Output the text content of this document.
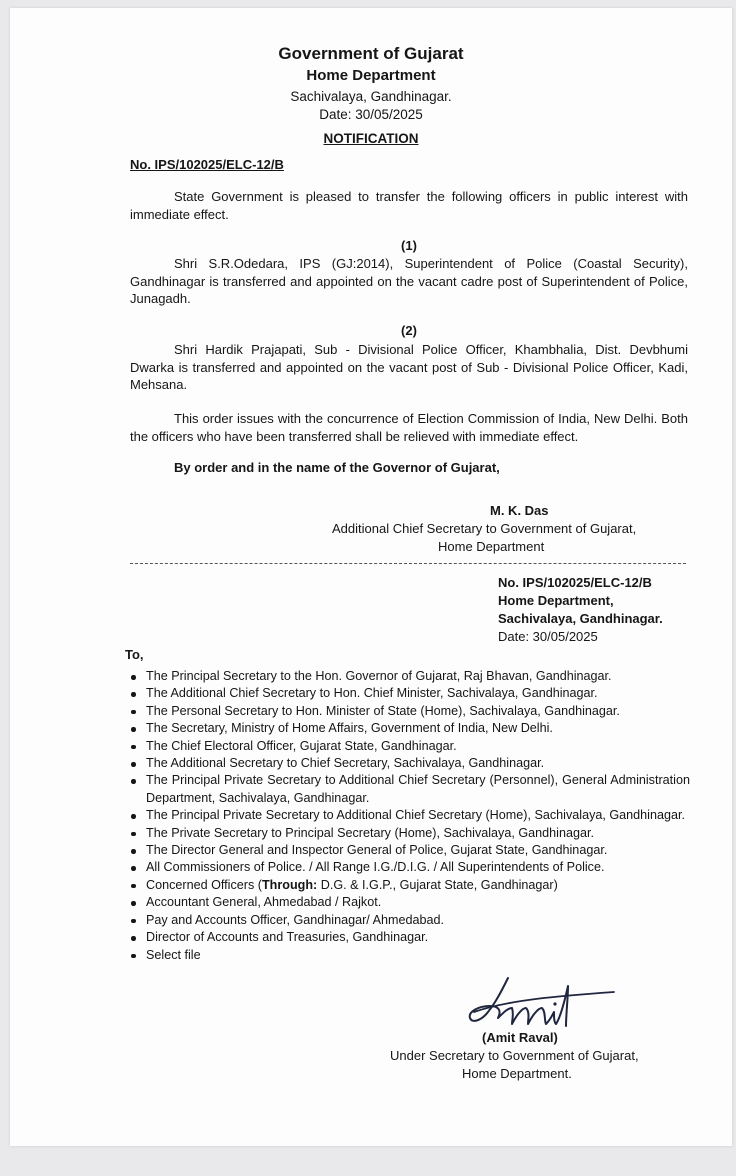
Government of Gujarat
Home Department
Sachivalaya, Gandhinagar.
Date: 30/05/2025
NOTIFICATION
No. IPS/102025/ELC-12/B
State Government is pleased to transfer the following officers in public interest with immediate effect.
(1)
Shri S.R.Odedara, IPS (GJ:2014), Superintendent of Police (Coastal Security), Gandhinagar is transferred and appointed on the vacant cadre post of Superintendent of Police, Junagadh.
(2)
Shri Hardik Prajapati, Sub - Divisional Police Officer, Khambhalia, Dist. Devbhumi Dwarka is transferred and appointed on the vacant post of Sub - Divisional Police Officer, Kadi, Mehsana.
This order issues with the concurrence of Election Commission of India, New Delhi. Both the officers who have been transferred shall be relieved with immediate effect.
By order and in the name of the Governor of Gujarat,
M. K. Das
Additional Chief Secretary to Government of Gujarat,
Home Department
No. IPS/102025/ELC-12/B
Home Department,
Sachivalaya, Gandhinagar.
Date: 30/05/2025
To,
The Principal Secretary to the Hon. Governor of Gujarat, Raj Bhavan, Gandhinagar.
The Additional Chief Secretary to Hon. Chief Minister, Sachivalaya, Gandhinagar.
The Personal Secretary to Hon. Minister of State (Home), Sachivalaya, Gandhinagar.
The Secretary, Ministry of Home Affairs, Government of India, New Delhi.
The Chief Electoral Officer, Gujarat State, Gandhinagar.
The Additional Secretary to Chief Secretary, Sachivalaya, Gandhinagar.
The Principal Private Secretary to Additional Chief Secretary (Personnel), General Administration Department, Sachivalaya, Gandhinagar.
The Principal Private Secretary to Additional Chief Secretary (Home), Sachivalaya, Gandhinagar.
The Private Secretary to Principal Secretary (Home), Sachivalaya, Gandhinagar.
The Director General and Inspector General of Police, Gujarat State, Gandhinagar.
All Commissioners of Police. / All Range I.G./D.I.G. / All Superintendents of Police.
Concerned Officers (Through: D.G. & I.G.P., Gujarat State, Gandhinagar)
Accountant General, Ahmedabad / Rajkot.
Pay and Accounts Officer, Gandhinagar/ Ahmedabad.
Director of Accounts and Treasuries, Gandhinagar.
Select file
(Amit Raval)
Under Secretary to Government of Gujarat,
Home Department.
